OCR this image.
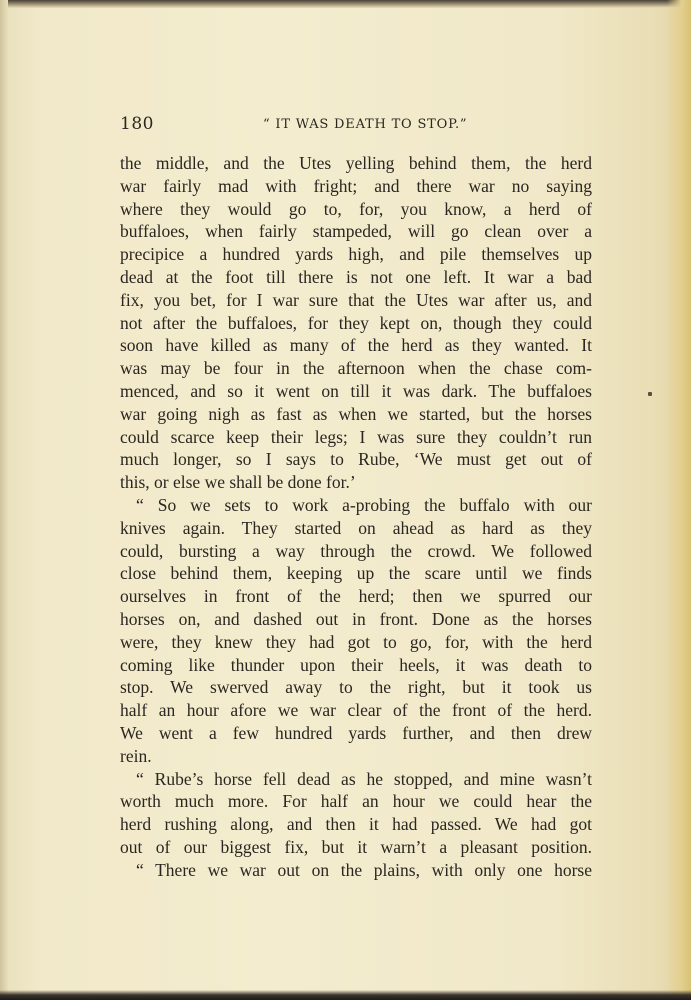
180	“ IT WAS DEATH TO STOP.”
the middle, and the Utes yelling behind them, the herd
war fairly mad with fright; and there war no saying
where they would go to, for, you know, a herd of
buffaloes, when fairly stampeded, will go clean over a
precipice a hundred yards high, and pile themselves up
dead at the foot till there is not one left. It war a bad
fix, you bet, for I war sure that the Utes war after us, and
not after the buffaloes, for they kept on, though they could
soon have killed as many of the herd as they wanted. It
was may be four in the afternoon when the chase com-
menced, and so it went on till it was dark. The buffaloes
war going nigh as fast as when we started, but the horses
could scarce keep their legs; I was sure they couldn’t run
much longer, so I says to Rube, ‘We must get out of
this, or else we shall be done for.’
“ So we sets to work a-probing the buffalo with our
knives again. They started on ahead as hard as they
could, bursting a way through the crowd. We followed
close behind them, keeping up the scare until we finds
ourselves in front of the herd; then we spurred our
horses on, and dashed out in front. Done as the horses
were, they knew they had got to go, for, with the herd
coming like thunder upon their heels, it was death to
stop. We swerved away to the right, but it took us
half an hour afore we war clear of the front of the herd.
We went a few hundred yards further, and then drew
rein.
“ Rube’s horse fell dead as he stopped, and mine wasn’t
worth much more. For half an hour we could hear the
herd rushing along, and then it had passed. We had got
out of our biggest fix, but it warn’t a pleasant position.
“ There we war out on the plains, with only one horse
